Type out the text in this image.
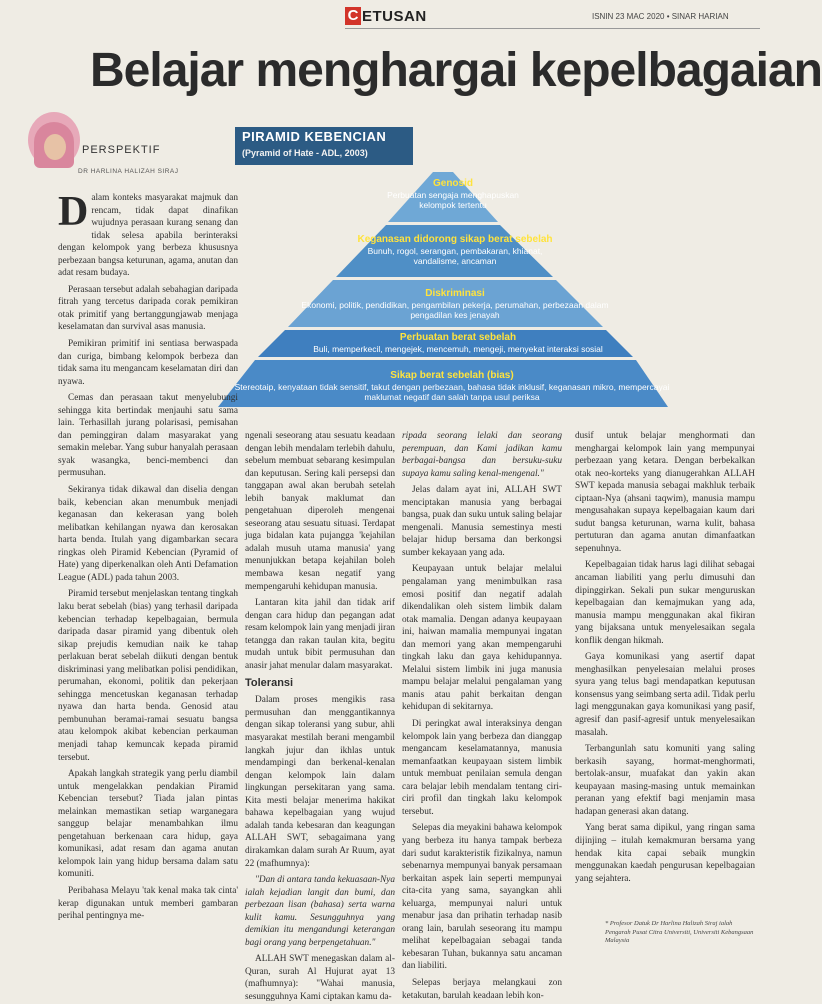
C ETUSAN	ISNIN 23 MAC 2020 • SINAR HARIAN
Belajar menghargai kepelbagaian
PERSPEKTIF
DR HARLINA HALIZAH SIRAJ
PIRAMID KEBENCIAN
(Pyramid of Hate - ADL, 2003)
Genosid
Perbuatan sengaja menghapuskan kelompok tertentu
Keganasan didorong sikap berat sebelah
Bunuh, rogol, serangan, pembakaran, khianat, vandalisme, ancaman
Diskriminasi
Ekonomi, politik, pendidikan, pengambilan pekerja, perumahan, perbezaan dalam pengadilan kes jenayah
Perbuatan berat sebelah
Buli, memperkecil, mengejek, mencemuh, mengeji, menyekat interaksi sosial
Sikap berat sebelah (bias)
Stereotaip, kenyataan tidak sensitif, takut dengan perbezaan, bahasa tidak inklusif, keganasan mikro, mempercayai maklumat negatif dan salah tanpa usul periksa

Dalam konteks masyarakat majmuk dan rencam, tidak dapat dinafikan wujudnya perasaan kurang senang dan tidak selesa apabila berinteraksi dengan kelompok yang berbeza khususnya perbezaan bangsa keturunan, agama, anutan dan adat resam budaya.

Perasaan tersebut adalah sebahagian daripada fitrah yang tercetus daripada corak pemikiran otak primitif yang bertanggungjawab menjaga keselamatan dan survival asas manusia.

Pemikiran primitif ini sentiasa berwaspada dan curiga, bimbang kelompok berbeza dan tidak sama itu mengancam keselamatan diri dan nyawa.

Cemas dan perasaan takut menyelubungi sehingga kita bertindak menjauhi satu sama lain. Terhasillah jurang polarisasi, pemisahan dan peminggiran dalam masyarakat yang semakin melebar. Yang subur hanyalah perasaan syak wasangka, benci-membenci dan permusuhan.

Sekiranya tidak dikawal dan diselia dengan baik, kebencian akan menumbuk menjadi keganasan dan kekerasan yang boleh melibatkan kehilangan nyawa dan kerosakan harta benda. Itulah yang digambarkan secara ringkas oleh Piramid Kebencian (Pyramid of Hate) yang diperkenalkan oleh Anti Defamation League (ADL) pada tahun 2003.

Piramid tersebut menjelaskan tentang tingkah laku berat sebelah (bias) yang terhasil daripada kebencian terhadap kepelbagaian, bermula daripada dasar piramid yang dibentuk oleh sikap prejudis kemudian naik ke tahap perlakuan berat sebelah diikuti dengan bentuk diskriminasi yang melibatkan polisi pendidikan, perumahan, ekonomi, politik dan pekerjaan sehingga mencetuskan keganasan terhadap nyawa dan harta benda. Genosid atau pembunuhan beramai-ramai sesuatu bangsa atau kelompok akibat kebencian perkauman menjadi tahap kemuncak kepada piramid tersebut.

Apakah langkah strategik yang perlu diambil untuk mengelakkan pendakian Piramid Kebencian tersebut? Tiada jalan pintas melainkan memastikan setiap warganegara sanggup belajar menambahkan ilmu pengetahuan berkenaan cara hidup, gaya komunikasi, adat resam dan agama anutan kelompok lain yang hidup bersama dalam satu komuniti.

Peribahasa Melayu 'tak kenal maka tak cinta' kerap digunakan untuk memberi gambaran perihal pentingnya me-

ngenali seseorang atau sesuatu keadaan dengan lebih mendalam terlebih dahulu, sebelum membuat sebarang kesimpulan dan keputusan. Sering kali persepsi dan tanggapan awal akan berubah setelah lebih banyak maklumat dan pengetahuan diperoleh mengenai seseorang atau sesuatu situasi. Terdapat juga bidalan kata pujangga 'kejahilan adalah musuh utama manusia' yang menunjukkan betapa kejahilan boleh membawa kesan negatif yang mempengaruhi kehidupan manusia.

Lantaran kita jahil dan tidak arif dengan cara hidup dan pegangan adat resam kelompok lain yang menjadi jiran tetangga dan rakan taulan kita, begitu mudah untuk bibit permusuhan dan anasir jahat menular dalam masyarakat.

Toleransi

Dalam proses mengikis rasa permusuhan dan menggantikannya dengan sikap toleransi yang subur, ahli masyarakat mestilah berani mengambil langkah jujur dan ikhlas untuk mendampingi dan berkenal-kenalan dengan kelompok lain dalam lingkungan persekitaran yang sama. Kita mesti belajar menerima hakikat bahawa kepelbagaian yang wujud adalah tanda kebesaran dan keagungan ALLAH SWT, sebagaimana yang dirakamkan dalam surah Ar Ruum, ayat 22 (mafhumnya):

"Dan di antara tanda kekuasaan-Nya ialah kejadian langit dan bumi, dan perbezaan lisan (bahasa) serta warna kulit kamu. Sesungguhnya yang demikian itu mengandungi keterangan bagi orang yang berpengetahuan."

ALLAH SWT menegaskan dalam al-Quran, surah Al Hujurat ayat 13 (mafhumnya): "Wahai manusia, sesungguhnya Kami ciptakan kamu da-

ripada seorang lelaki dan seorang perempuan, dan Kami jadikan kamu berbagai-bangsa dan bersuku-suku supaya kamu saling kenal-mengenal."

Jelas dalam ayat ini, ALLAH SWT menciptakan manusia yang berbagai bangsa, puak dan suku untuk saling belajar mengenali. Manusia semestinya mesti belajar hidup bersama dan berkongsi sumber kekayaan yang ada.

Keupayaan untuk belajar melalui pengalaman yang menimbulkan rasa emosi positif dan negatif adalah dikendalikan oleh sistem limbik dalam otak mamalia. Dengan adanya keupayaan ini, haiwan mamalia mempunyai ingatan dan memori yang akan mempengaruhi tingkah laku dan gaya kehidupannya. Melalui sistem limbik ini juga manusia mampu belajar melalui pengalaman yang manis atau pahit berkaitan dengan kehidupan di sekitarnya.

Di peringkat awal interaksinya dengan kelompok lain yang berbeza dan dianggap mengancam keselamatannya, manusia memanfaatkan keupayaan sistem limbik untuk membuat penilaian semula dengan cara belajar lebih mendalam tentang ciri-ciri profil dan tingkah laku kelompok tersebut.

Selepas dia meyakini bahawa kelompok yang berbeza itu hanya tampak berbeza dari sudut karakteristik fizikalnya, namun sebenarnya mempunyai banyak persamaan berkaitan aspek lain seperti mempunyai cita-cita yang sama, sayangkan ahli keluarga, mempunyai naluri untuk menabur jasa dan prihatin terhadap nasib orang lain, barulah seseorang itu mampu melihat kepelbagaian sebagai tanda kebesaran Tuhan, bukannya satu ancaman dan liabiliti.

Selepas berjaya melangkaui zon ketakutan, barulah keadaan lebih kon-

dusif untuk belajar menghormati dan menghargai kelompok lain yang mempunyai perbezaan yang ketara. Dengan berbekalkan otak neo-korteks yang dianugerahkan ALLAH SWT kepada manusia sebagai makhluk terbaik ciptaan-Nya (ahsani taqwim), manusia mampu mengusahakan supaya kepelbagaian kaum dari sudut bangsa keturunan, warna kulit, bahasa pertuturan dan agama anutan dimanfaatkan sepenuhnya.

Kepelbagaian tidak harus lagi dilihat sebagai ancaman liabiliti yang perlu dimusuhi dan dipinggirkan. Sekali pun sukar menguruskan kepelbagaian dan kemajmukan yang ada, manusia mampu menggunakan akal fikiran yang bijaksana untuk menyelesaikan segala konflik dengan hikmah.

Gaya komunikasi yang asertif dapat menghasilkan penyelesaian melalui proses syura yang telus bagi mendapatkan keputusan konsensus yang seimbang serta adil. Tidak perlu lagi menggunakan gaya komunikasi yang pasif, agresif dan pasif-agresif untuk menyelesaikan masalah.

Terbangunlah satu komuniti yang saling berkasih sayang, hormat-menghormati, bertolak-ansur, muafakat dan yakin akan keupayaan masing-masing untuk memainkan peranan yang efektif bagi menjamin masa hadapan generasi akan datang.

Yang berat sama dipikul, yang ringan sama dijinjing – itulah kemakmuran bersama yang hendak kita capai sebaik mungkin menggunakan kaedah pengurusan kepelbagaian yang sejahtera.

* Profesor Datuk Dr Harlina Halizah Siraj ialah Pengarah Pusat Citra Universiti, Universiti Kebangsaan Malaysia
